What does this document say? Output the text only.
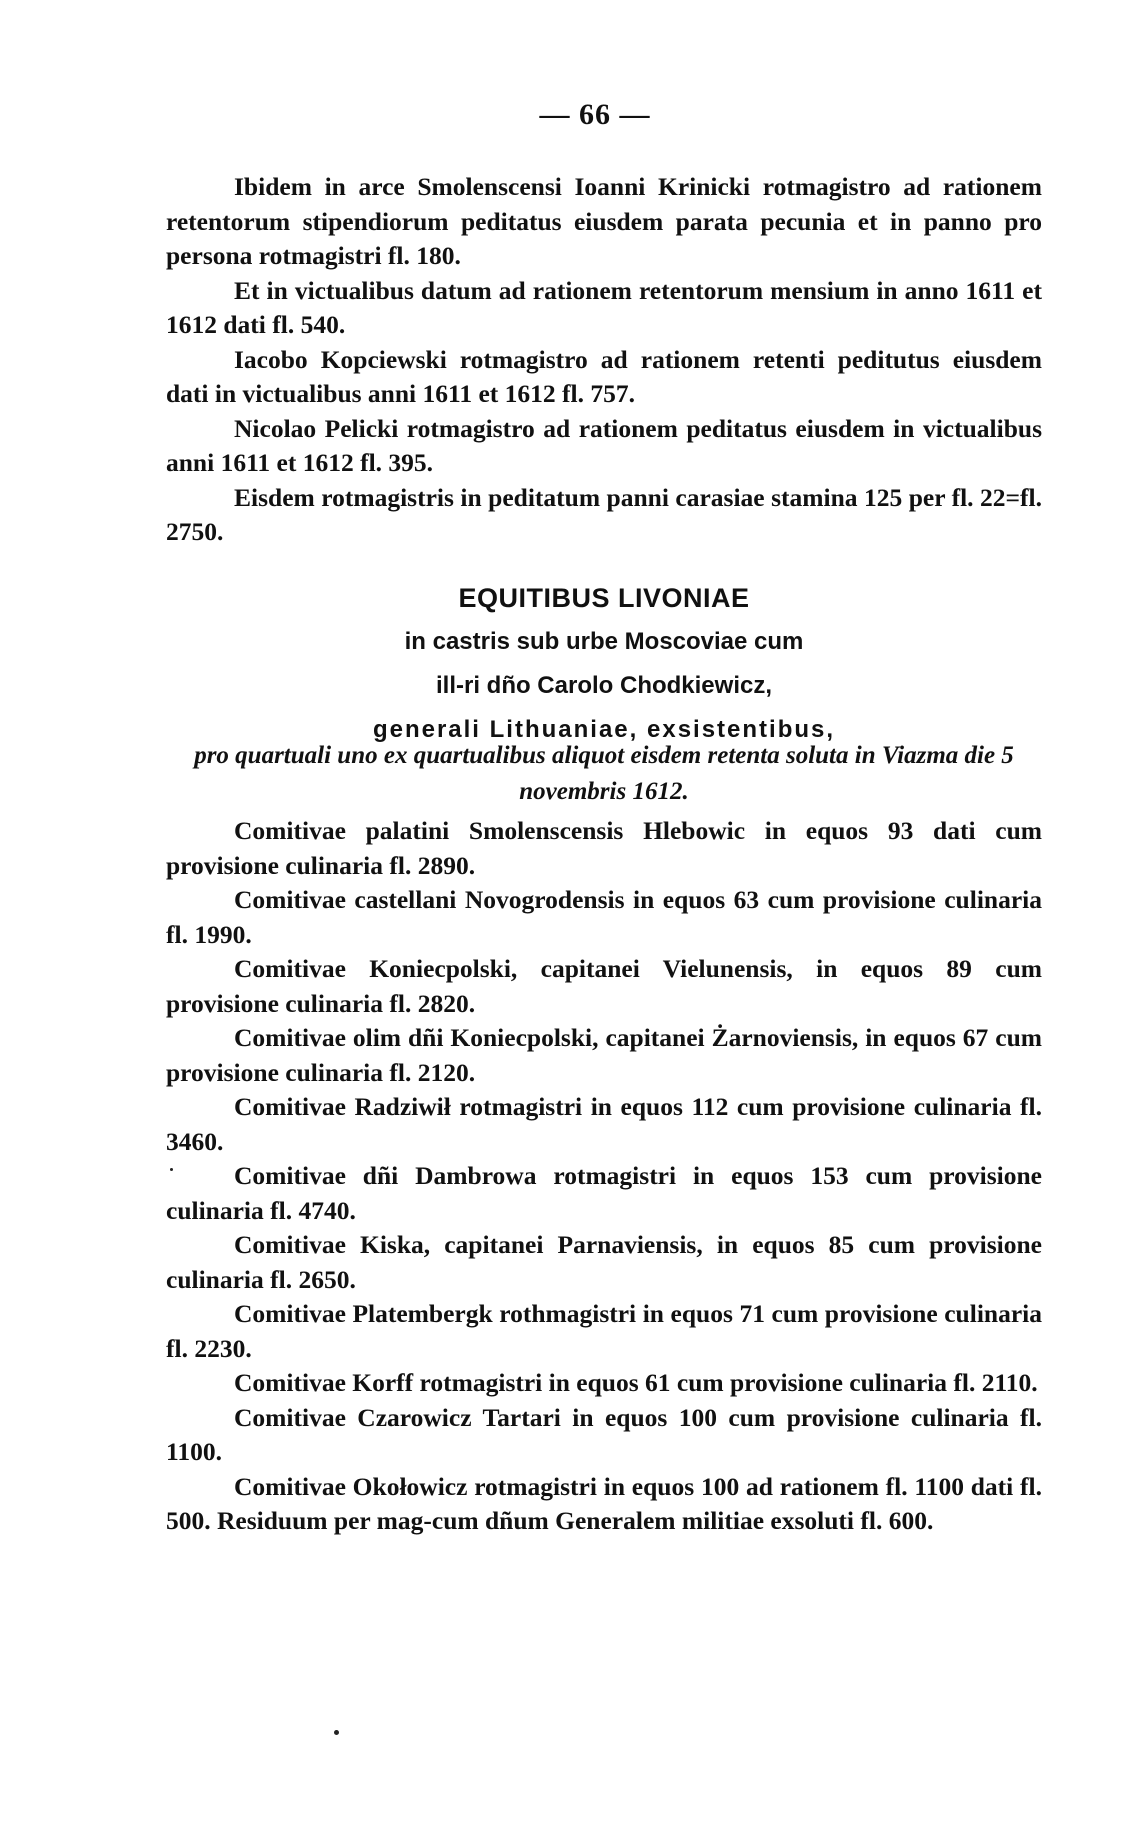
— 66 —

Ibidem in arce Smolenscensi Ioanni Krinicki rotmagistro ad rationem retentorum stipendiorum peditatus eiusdem parata pecunia et in panno pro persona rotmagistri fl. 180.

Et in victualibus datum ad rationem retentorum mensium in anno 1611 et 1612 dati fl. 540.

Iacobo Kopciewski rotmagistro ad rationem retenti peditutus eiusdem dati in victualibus anni 1611 et 1612 fl. 757.

Nicolao Pelicki rotmagistro ad rationem peditatus eiusdem in victualibus anni 1611 et 1612 fl. 395.

Eisdem rotmagistris in peditatum panni carasiae stamina 125 per fl. 22=fl. 2750.

EQUITIBUS LIVONIAE
in castris sub urbe Moscoviae cum
ill-ri dño Carolo Chodkiewicz,
generali Lithuaniae, exsistentibus,
pro quartuali uno ex quartualibus aliquot eisdem retenta soluta in Viazma die 5 novembris 1612.

Comitivae palatini Smolenscensis Hlebowic in equos 93 dati cum provisione culinaria fl. 2890.

Comitivae castellani Novogrodensis in equos 63 cum provisione culinaria fl. 1990.

Comitivae Koniecpolski, capitanei Vielunensis, in equos 89 cum provisione culinaria fl. 2820.

Comitivae olim dñi Koniecpolski, capitanei Żarnoviensis, in equos 67 cum provisione culinaria fl. 2120.

Comitivae Radziwił rotmagistri in equos 112 cum provisione culinaria fl. 3460.

Comitivae dñi Dambrowa rotmagistri in equos 153 cum provisione culinaria fl. 4740.

Comitivae Kiska, capitanei Parnaviensis, in equos 85 cum provisione culinaria fl. 2650.

Comitivae Platembergk rothmagistri in equos 71 cum provisione culinaria fl. 2230.

Comitivae Korff rotmagistri in equos 61 cum provisione culinaria fl. 2110.

Comitivae Czarowicz Tartari in equos 100 cum provisione culinaria fl. 1100.

Comitivae Okołowicz rotmagistri in equos 100 ad rationem fl. 1100 dati fl. 500. Residuum per mag-cum dñum Generalem militiae exsoluti fl. 600.
